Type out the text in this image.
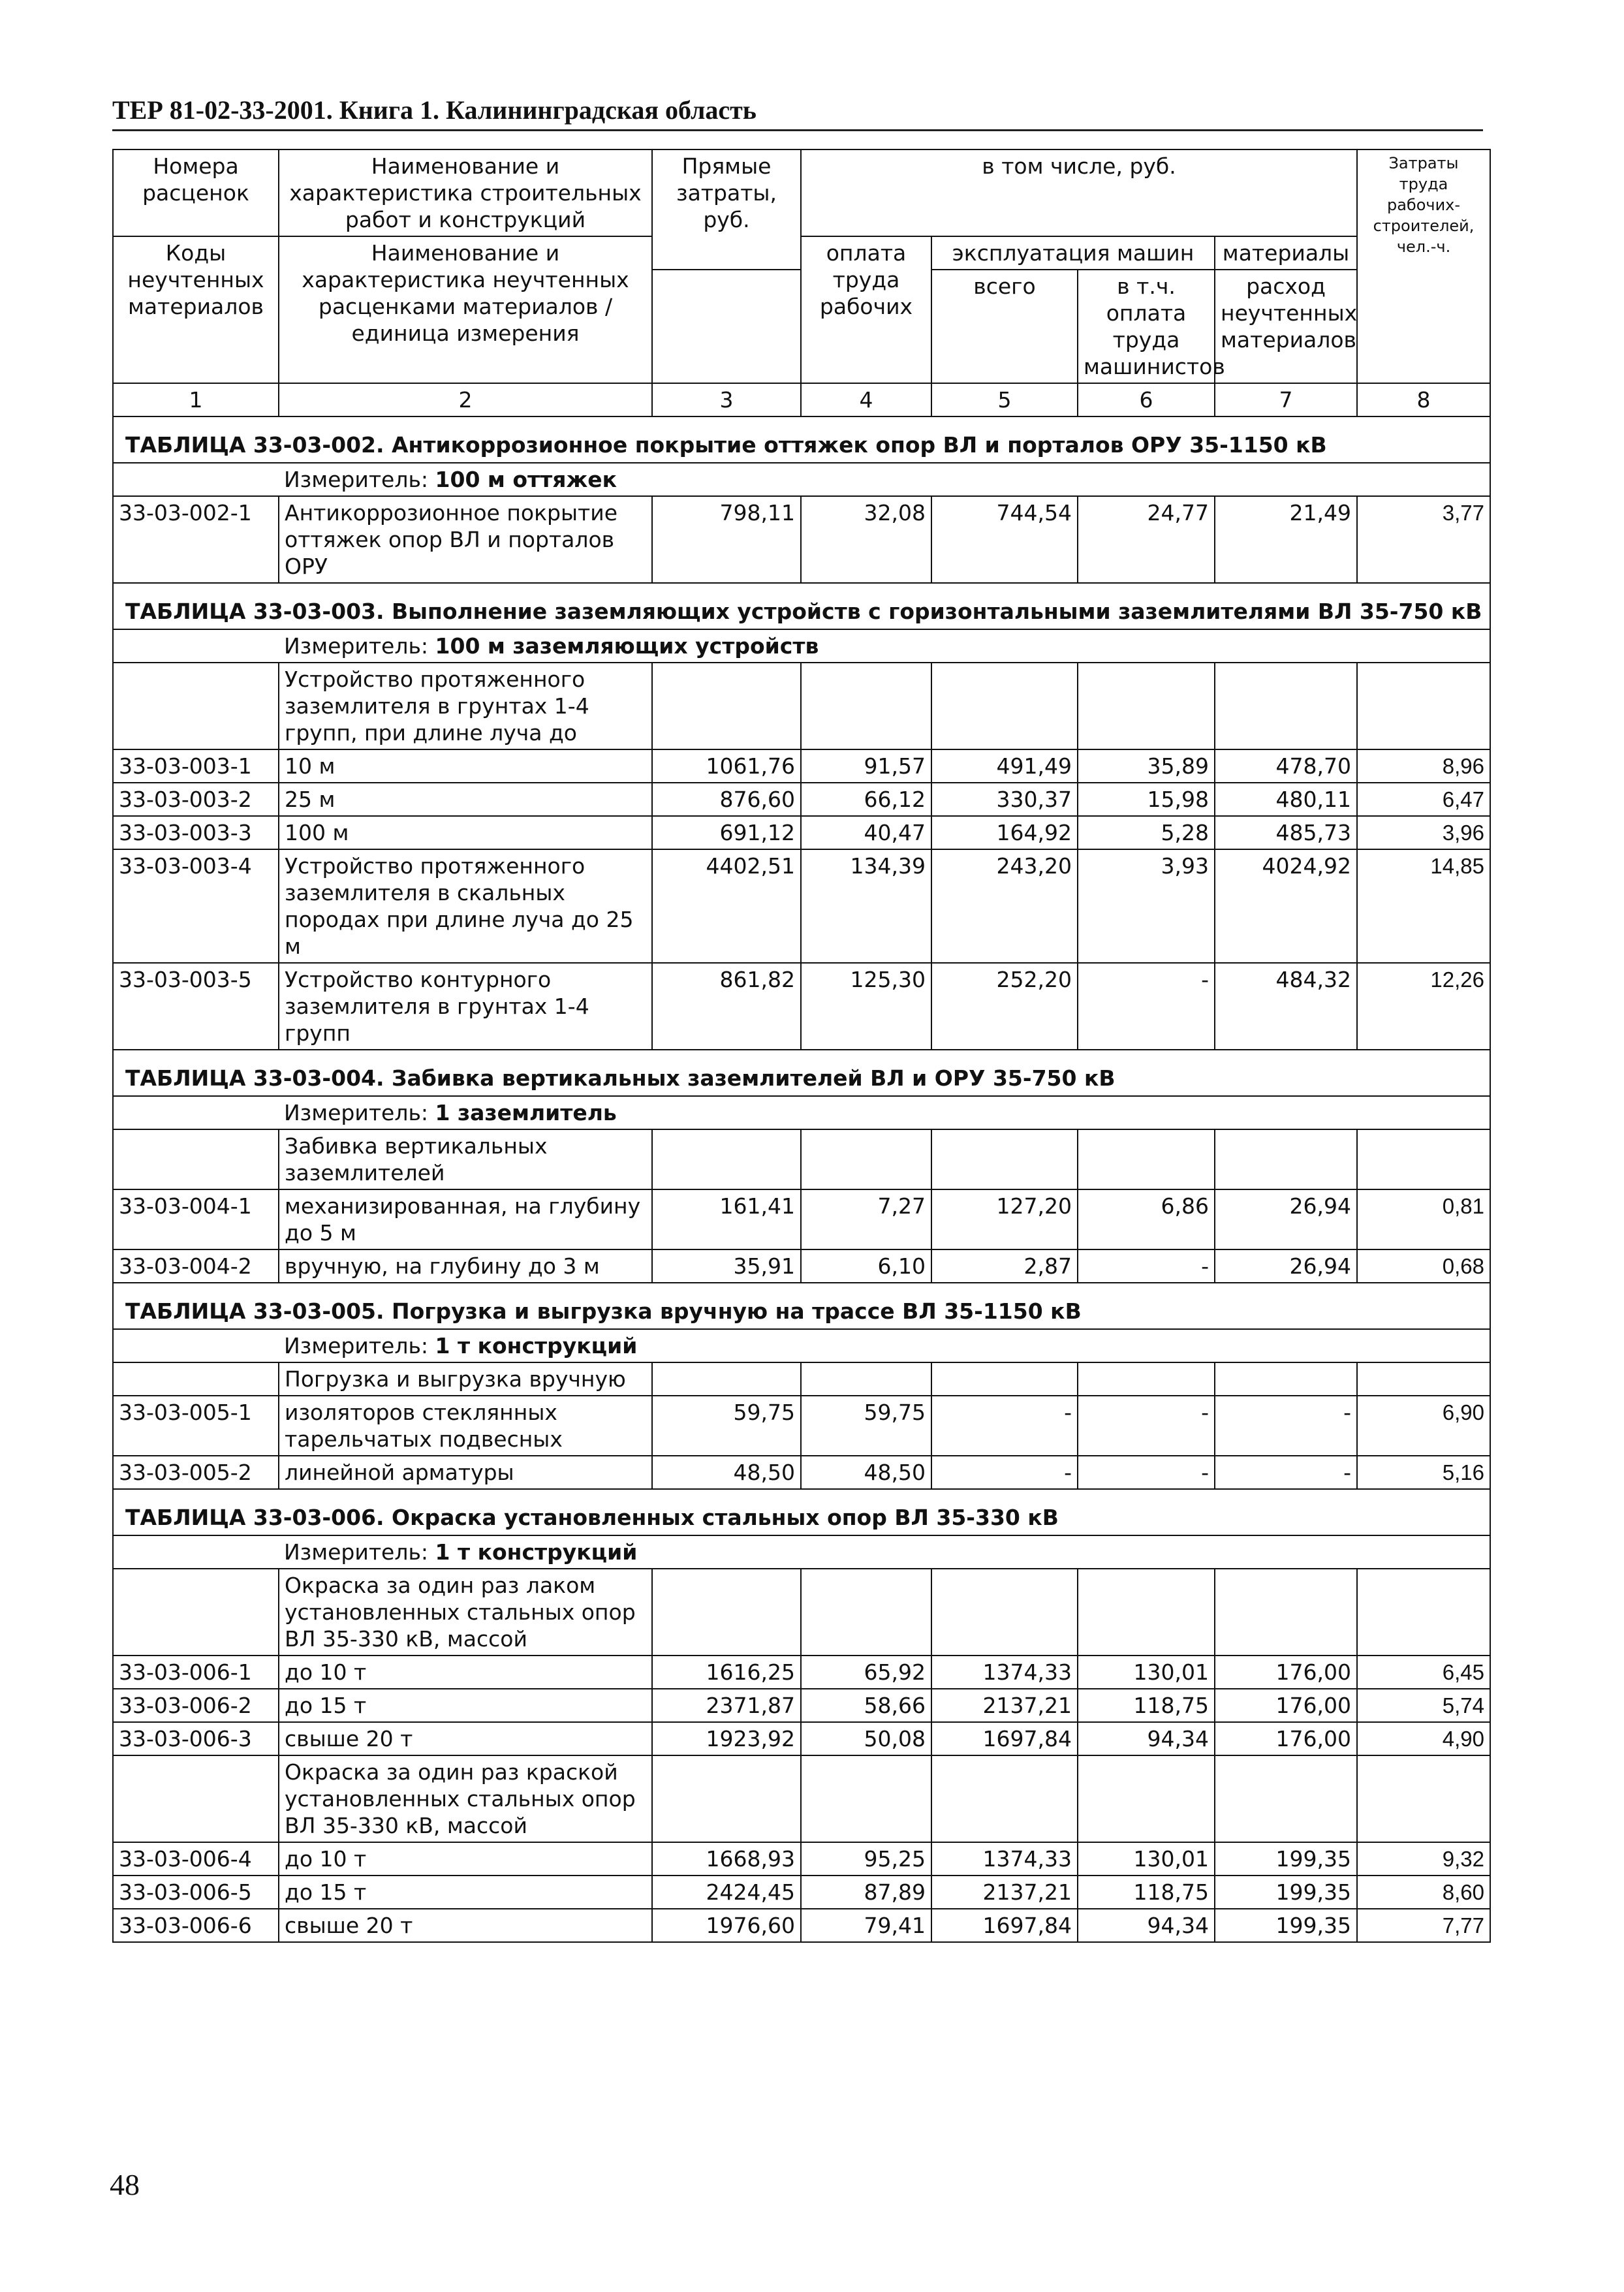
ТЕР 81-02-33-2001. Книга 1. Калининградская область
Номера расценок	Наименование и характеристика строительных работ и конструкций	Прямые затраты, руб.	в том числе, руб.				Затраты труда рабочих-строителей, чел.-ч.
Коды неучтенных материалов	Наименование и характеристика неучтенных расценками материалов / единица измерения		оплата труда рабочих	эксплуатация машин		материалы	
				всего	в т.ч. оплата труда машинистов	расход неучтенных материалов	

1	2	3	4	5	6	7	8
ТАБЛИЦА 33-03-002. Антикоррозионное покрытие оттяжек опор ВЛ и порталов ОРУ 35-1150 кВ							
	Измеритель: 100 м оттяжек						
33-03-002-1	Антикоррозионное покрытие оттяжек опор ВЛ и порталов ОРУ	798,11	32,08	744,54	24,77	21,49	3,77
ТАБЛИЦА 33-03-003. Выполнение заземляющих устройств с горизонтальными заземлителями ВЛ 35-750 кВ							
	Измеритель: 100 м заземляющих устройств						
	Устройство протяженного заземлителя в грунтах 1-4 групп, при длине луча до						
33-03-003-1	10 м	1061,76	91,57	491,49	35,89	478,70	8,96
33-03-003-2	25 м	876,60	66,12	330,37	15,98	480,11	6,47
33-03-003-3	100 м	691,12	40,47	164,92	5,28	485,73	3,96
33-03-003-4	Устройство протяженного заземлителя в скальных породах при длине луча до 25 м	4402,51	134,39	243,20	3,93	4024,92	14,85
33-03-003-5	Устройство контурного заземлителя в грунтах 1-4 групп	861,82	125,30	252,20	-	484,32	12,26
ТАБЛИЦА 33-03-004. Забивка вертикальных заземлителей ВЛ и ОРУ 35-750 кВ							
	Измеритель: 1 заземлитель						
	Забивка вертикальных заземлителей						
33-03-004-1	механизированная, на глубину до 5 м	161,41	7,27	127,20	6,86	26,94	0,81
33-03-004-2	вручную, на глубину до 3 м	35,91	6,10	2,87	-	26,94	0,68
ТАБЛИЦА 33-03-005. Погрузка и выгрузка вручную на трассе ВЛ 35-1150 кВ							
	Измеритель: 1 т конструкций						
	Погрузка и выгрузка вручную						
33-03-005-1	изоляторов стеклянных тарельчатых подвесных	59,75	59,75	-	-	-	6,90
33-03-005-2	линейной арматуры	48,50	48,50	-	-	-	5,16
ТАБЛИЦА 33-03-006. Окраска установленных стальных опор ВЛ 35-330 кВ							
	Измеритель: 1 т конструкций						
	Окраска за один раз лаком установленных стальных опор ВЛ 35-330 кВ, массой						
33-03-006-1	до 10 т	1616,25	65,92	1374,33	130,01	176,00	6,45
33-03-006-2	до 15 т	2371,87	58,66	2137,21	118,75	176,00	5,74
33-03-006-3	свыше 20 т	1923,92	50,08	1697,84	94,34	176,00	4,90
	Окраска за один раз краской установленных стальных опор ВЛ 35-330 кВ, массой						
33-03-006-4	до 10 т	1668,93	95,25	1374,33	130,01	199,35	9,32
33-03-006-5	до 15 т	2424,45	87,89	2137,21	118,75	199,35	8,60
33-03-006-6	свыше 20 т	1976,60	79,41	1697,84	94,34	199,35	7,77
48
